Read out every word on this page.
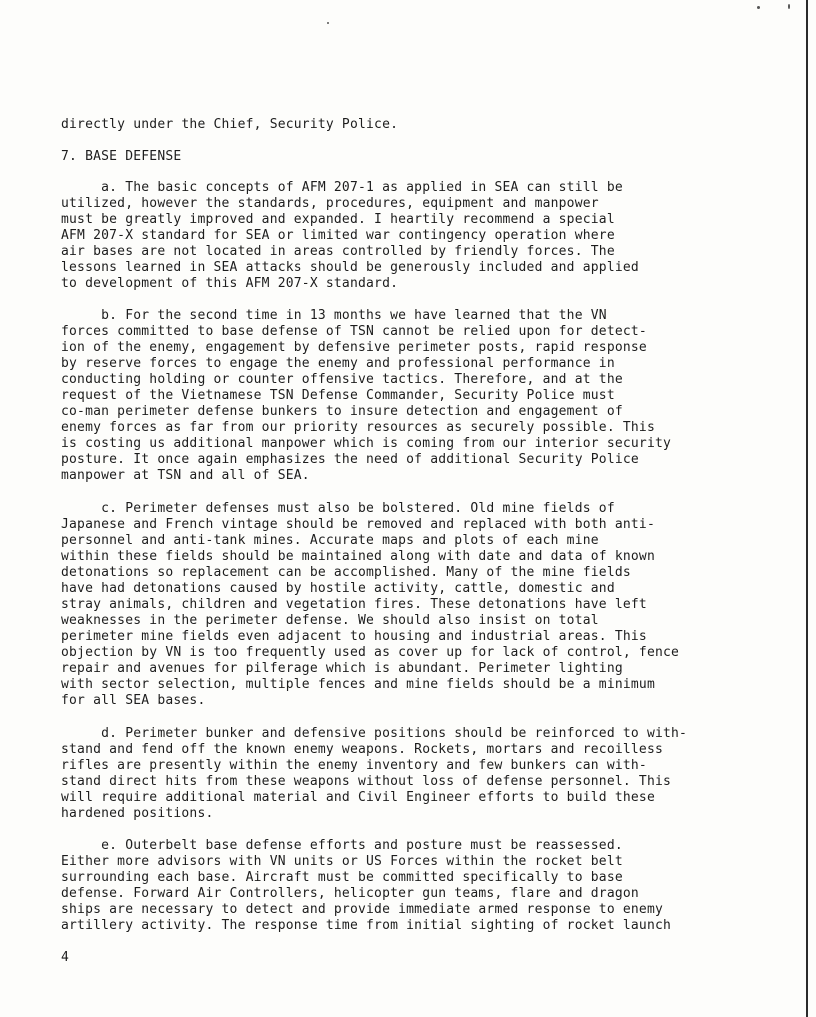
directly under the Chief, Security Police.
7. BASE DEFENSE
a. The basic concepts of AFM 207-1 as applied in SEA can still be
utilized, however the standards, procedures, equipment and manpower
must be greatly improved and expanded. I heartily recommend a special
AFM 207-X standard for SEA or limited war contingency operation where
air bases are not located in areas controlled by friendly forces. The
lessons learned in SEA attacks should be generously included and applied
to development of this AFM 207-X standard.
b. For the second time in 13 months we have learned that the VN
forces committed to base defense of TSN cannot be relied upon for detect-
ion of the enemy, engagement by defensive perimeter posts, rapid response
by reserve forces to engage the enemy and professional performance in
conducting holding or counter offensive tactics. Therefore, and at the
request of the Vietnamese TSN Defense Commander, Security Police must
co-man perimeter defense bunkers to insure detection and engagement of
enemy forces as far from our priority resources as securely possible. This
is costing us additional manpower which is coming from our interior security
posture. It once again emphasizes the need of additional Security Police
manpower at TSN and all of SEA.
c. Perimeter defenses must also be bolstered. Old mine fields of
Japanese and French vintage should be removed and replaced with both anti-
personnel and anti-tank mines. Accurate maps and plots of each mine
within these fields should be maintained along with date and data of known
detonations so replacement can be accomplished. Many of the mine fields
have had detonations caused by hostile activity, cattle, domestic and
stray animals, children and vegetation fires. These detonations have left
weaknesses in the perimeter defense. We should also insist on total
perimeter mine fields even adjacent to housing and industrial areas. This
objection by VN is too frequently used as cover up for lack of control, fence
repair and avenues for pilferage which is abundant. Perimeter lighting
with sector selection, multiple fences and mine fields should be a minimum
for all SEA bases.
d. Perimeter bunker and defensive positions should be reinforced to with-
stand and fend off the known enemy weapons. Rockets, mortars and recoilless
rifles are presently within the enemy inventory and few bunkers can with-
stand direct hits from these weapons without loss of defense personnel. This
will require additional material and Civil Engineer efforts to build these
hardened positions.
e. Outerbelt base defense efforts and posture must be reassessed.
Either more advisors with VN units or US Forces within the rocket belt
surrounding each base. Aircraft must be committed specifically to base
defense. Forward Air Controllers, helicopter gun teams, flare and dragon
ships are necessary to detect and provide immediate armed response to enemy
artillery activity. The response time from initial sighting of rocket launch
4
